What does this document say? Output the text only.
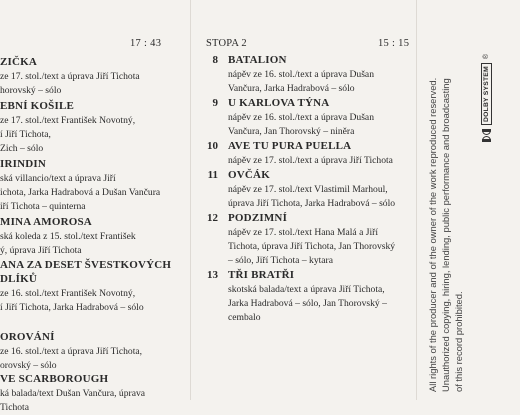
17 : 43
ZIČKA
ze 17. stol./text a úprava Jiří Tichota
horovský – sólo
EBNÍ KOŠILE
ze 17. stol./text František Novotný,
í Jiří Tichota,
Zich – sólo
IRINDIN
ská villancio/text a úprava Jiří
ichota, Jarka Hadrabová a Dušan Vančura
iří Tichota – quinterna
MINA AMOROSA
ská koleda z 15. stol./text František
ý, úprava Jiří Tichota
ANA ZA DESET ŠVESTKOVÝCH
DLÍKŮ
ze 16. stol./text František Novotný,
í Jiří Tichota, Jarka Hadrabová – sólo
OROVÁNÍ
ze 16. stol./text a úprava Jiří Tichota,
orovský – sólo
VE SCARBOROUGH
ká balada/text Dušan Vančura, úprava
Tichota
STOPA 2	15 : 15
8 BATALION
nápěv ze 16. stol./text a úprava Dušan
Vančura, Jarka Hadrabová – sólo
9 U KARLOVA TÝNA
nápěv ze 16. stol./text a úprava Dušan
Vančura, Jan Thorovský – niněra
10 AVE TU PURA PUELLA
nápěv ze 17. stol./text a úprava Jiří Tichota
11 OVČÁK
nápěv ze 17. stol./text Vlastimil Marhoul,
úprava Jiří Tichota, Jarka Hadrabová – sólo
12 PODZIMNÍ
nápěv ze 17. stol./text Hana Malá a Jiří
Tichota, úprava Jiří Tichota, Jan Thorovský
– sólo, Jiří Tichota – kytara
13 TŘI BRATŘI
skotská balada/text a úprava Jiří Tichota,
Jarka Hadrabová – sólo, Jan Thorovský –
cembalo	All rights of the producer and of the owner of the work reproduced reserved. Unauthorized copying, hiring, lending, public performance and broadcasting of this record prohibited.
DOLBY SYSTEM
®
